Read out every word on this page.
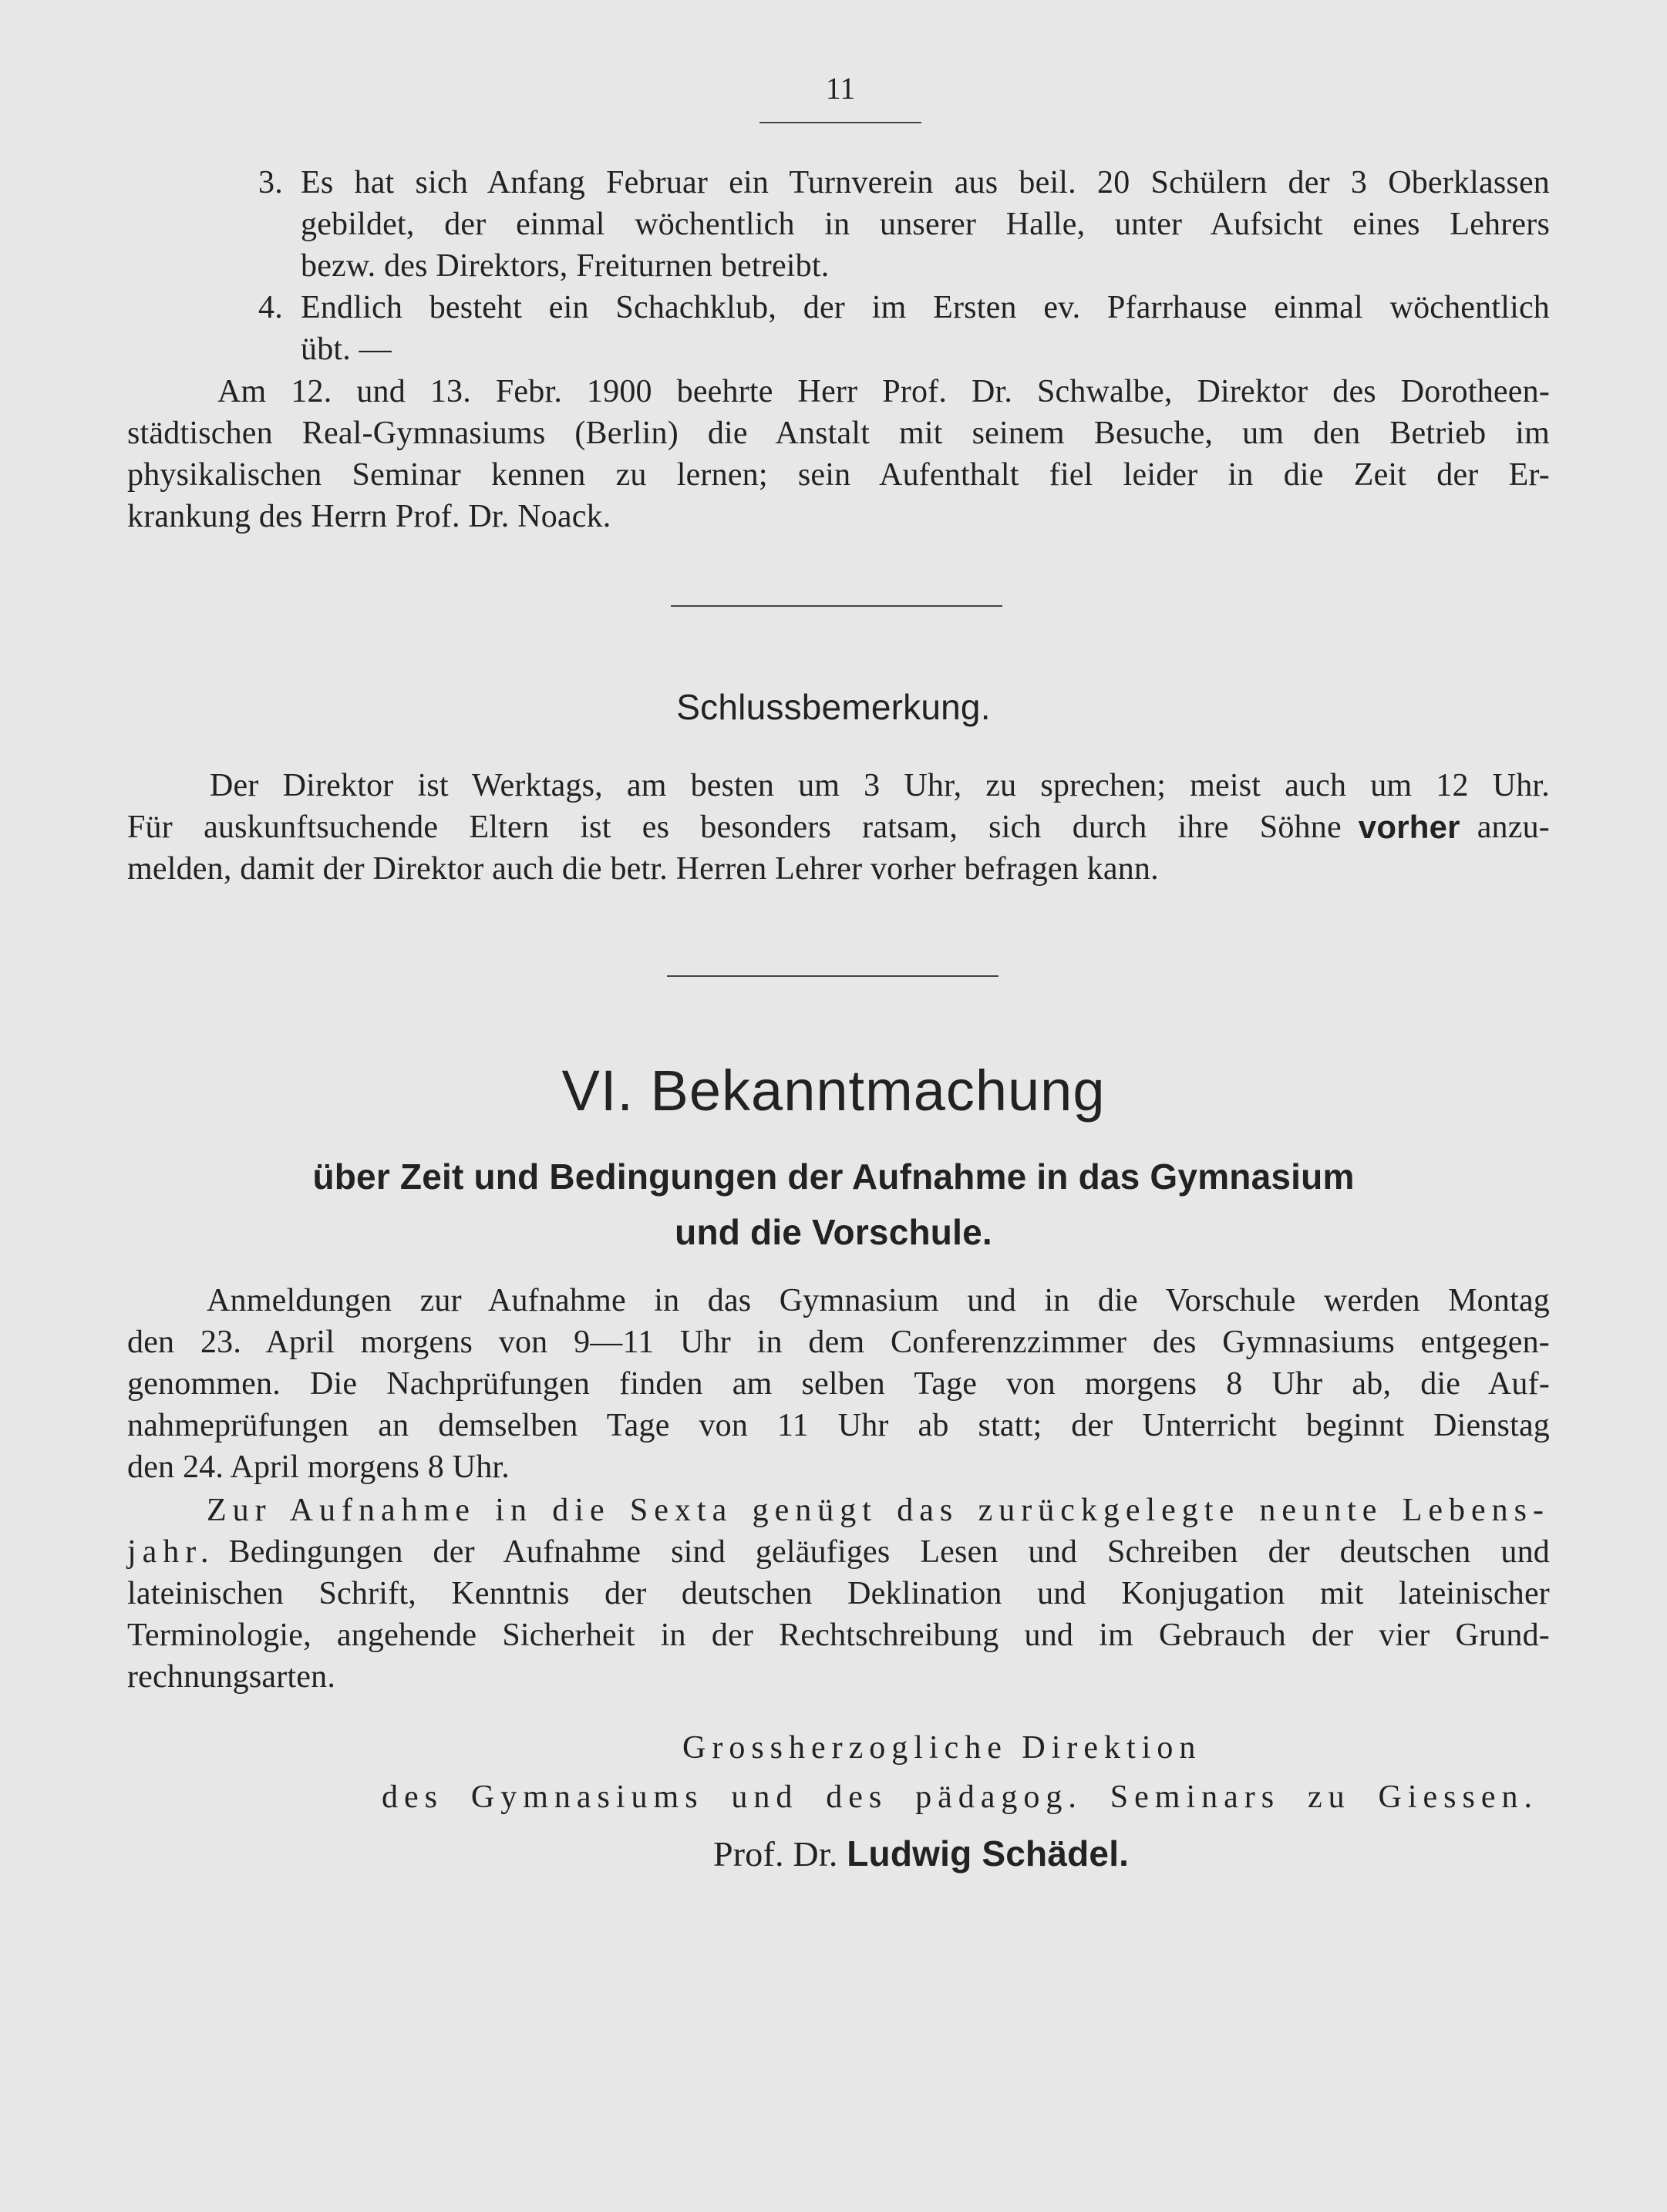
11
3. Es hat sich Anfang Februar ein Turnverein aus beil. 20 Schülern der 3 Oberklassen
gebildet, der einmal wöchentlich in unserer Halle, unter Aufsicht eines Lehrers
bezw. des Direktors, Freiturnen betreibt.
4. Endlich besteht ein Schachklub, der im Ersten ev. Pfarrhause einmal wöchentlich
übt. —
Am 12. und 13. Febr. 1900 beehrte Herr Prof. Dr. Schwalbe, Direktor des Dorotheen-
städtischen Real-Gymnasiums (Berlin) die Anstalt mit seinem Besuche, um den Betrieb im
physikalischen Seminar kennen zu lernen; sein Aufenthalt fiel leider in die Zeit der Er-
krankung des Herrn Prof. Dr. Noack.
Schlussbemerkung.
Der Direktor ist Werktags, am besten um 3 Uhr, zu sprechen; meist auch um 12 Uhr.
Für auskunftsuchende Eltern ist es besonders ratsam, sich durch ihre Söhne vorher anzu-
melden, damit der Direktor auch die betr. Herren Lehrer vorher befragen kann.
VI. Bekanntmachung
über Zeit und Bedingungen der Aufnahme in das Gymnasium
und die Vorschule.
Anmeldungen zur Aufnahme in das Gymnasium und in die Vorschule werden Montag
den 23. April morgens von 9—11 Uhr in dem Conferenzzimmer des Gymnasiums entgegen-
genommen. Die Nachprüfungen finden am selben Tage von morgens 8 Uhr ab, die Auf-
nahmeprüfungen an demselben Tage von 11 Uhr ab statt; der Unterricht beginnt Dienstag
den 24. April morgens 8 Uhr.
Zur Aufnahme in die Sexta genügt das zurückgelegte neunte Lebens-
jahr. Bedingungen der Aufnahme sind geläufiges Lesen und Schreiben der deutschen und
lateinischen Schrift, Kenntnis der deutschen Deklination und Konjugation mit lateinischer
Terminologie, angehende Sicherheit in der Rechtschreibung und im Gebrauch der vier Grund-
rechnungsarten.
Grossherzogliche Direktion
des Gymnasiums und des pädagog. Seminars zu Giessen.
Prof. Dr. Ludwig Schädel.
